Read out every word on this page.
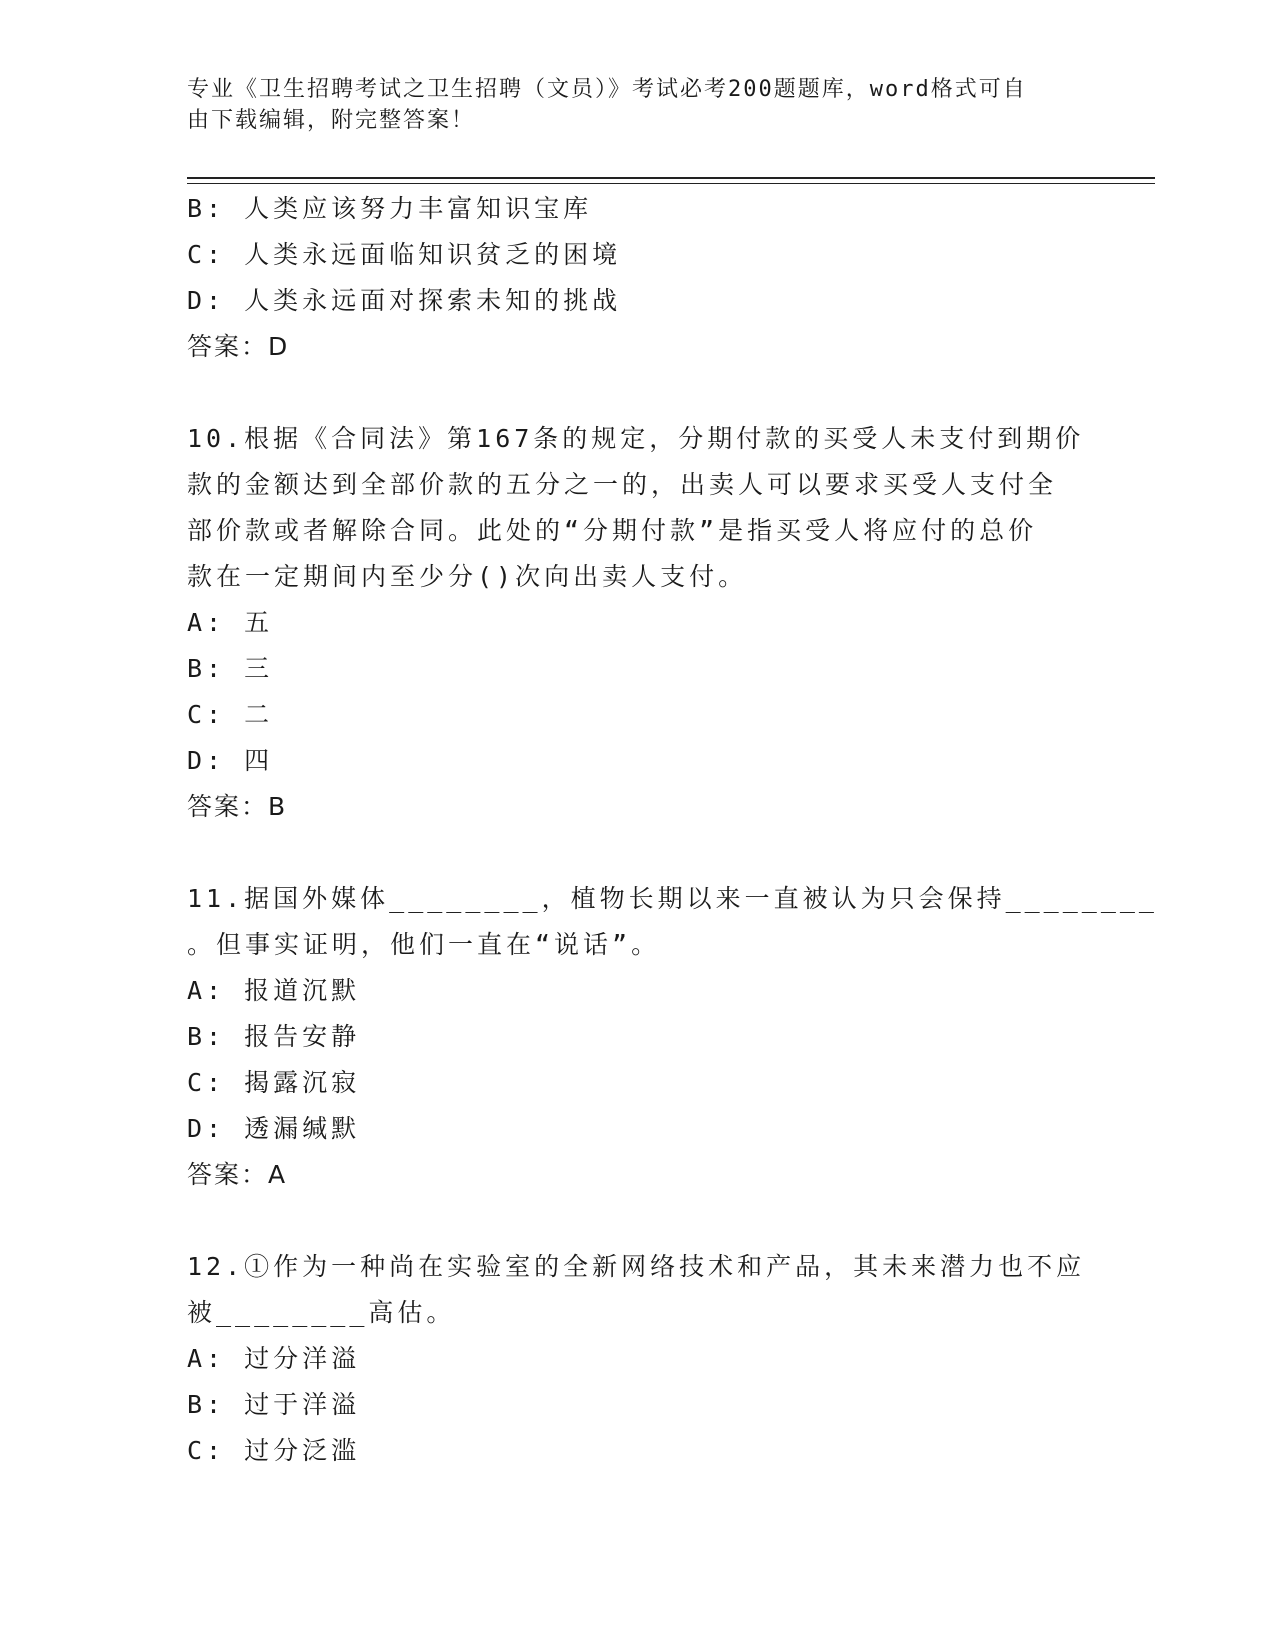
专业《卫生招聘考试之卫生招聘（文员）》考试必考200题题库，word格式可自
由下载编辑，附完整答案！
B: 人类应该努力丰富知识宝库
C: 人类永远面临知识贫乏的困境
D: 人类永远面对探索未知的挑战
答案：D
10.根据《合同法》第167条的规定，分期付款的买受人未支付到期价
款的金额达到全部价款的五分之一的，出卖人可以要求买受人支付全
部价款或者解除合同。此处的“分期付款”是指买受人将应付的总价
款在一定期间内至少分()次向出卖人支付。
A: 五
B: 三
C: 二
D: 四
答案：B
11.据国外媒体________，植物长期以来一直被认为只会保持________
。但事实证明，他们一直在“说话”。
A: 报道沉默
B: 报告安静
C: 揭露沉寂
D: 透漏缄默
答案：A
12.①作为一种尚在实验室的全新网络技术和产品，其未来潜力也不应
被________高估。
A: 过分洋溢
B: 过于洋溢
C: 过分泛滥
